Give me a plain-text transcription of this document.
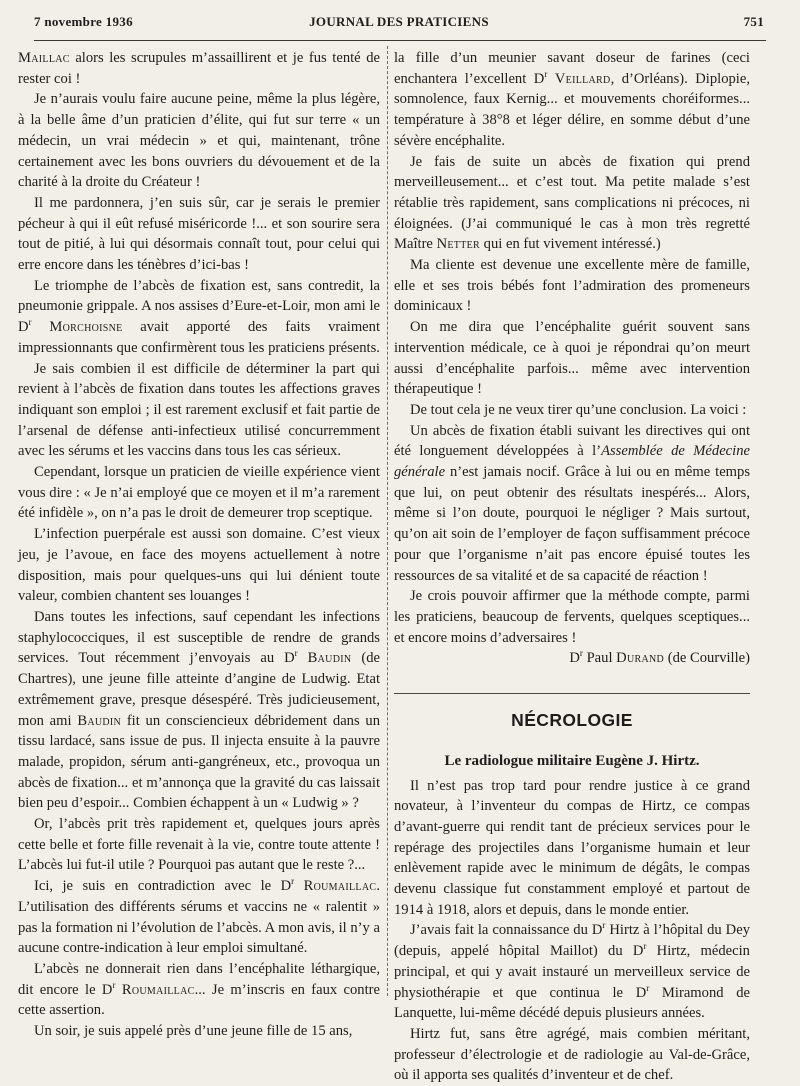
7 novembre 1936	JOURNAL DES PRATICIENS	751

Maillac alors les scrupules m’assaillirent et je fus tenté de rester coi !

Je n’aurais voulu faire aucune peine, même la plus légère, à la belle âme d’un praticien d’élite, qui fut sur terre « un médecin, un vrai médecin » et qui, maintenant, trône certainement avec les bons ouvriers du dévouement et de la charité à la droite du Créateur !

Il me pardonnera, j’en suis sûr, car je serais le premier pécheur à qui il eût refusé miséricorde !... et son sourire sera tout de pitié, à lui qui désormais connaît tout, pour celui qui erre encore dans les ténèbres d’ici-bas !

Le triomphe de l’abcès de fixation est, sans contredit, la pneumonie grippale. A nos assises d’Eure-et-Loir, mon ami le $D^r$ Morchoisne avait apporté des faits vraiment impressionnants que confirmèrent tous les praticiens présents.

Je sais combien il est difficile de déterminer la part qui revient à l’abcès de fixation dans toutes les affections graves indiquant son emploi ; il est rarement exclusif et fait partie de l’arsenal de défense anti-infectieux utilisé concurremment avec les sérums et les vaccins dans tous les cas sérieux.

Cependant, lorsque un praticien de vieille expérience vient vous dire : « Je n’ai employé que ce moyen et il m’a rarement été infidèle », on n’a pas le droit de demeurer trop sceptique.

L’infection puerpérale est aussi son domaine. C’est vieux jeu, je l’avoue, en face des moyens actuellement à notre disposition, mais pour quelques-uns qui lui dénient toute valeur, combien chantent ses louanges !

Dans toutes les infections, sauf cependant les infections staphylococciques, il est susceptible de rendre de grands services. Tout récemment j’envoyais au $D^r$ Baudin (de Chartres), une jeune fille atteinte d’angine de Ludwig. Etat extrêmement grave, presque désespéré. Très judicieusement, mon ami Baudin fit un consciencieux débridement dans un tissu lardacé, sans issue de pus. Il injecta ensuite à la pauvre malade, propidon, sérum anti-gangréneux, etc., provoqua un abcès de fixation... et m’annonça que la gravité du cas laissait bien peu d’espoir... Combien échappent à un « Ludwig » ?

Or, l’abcès prit très rapidement et, quelques jours après cette belle et forte fille revenait à la vie, contre toute attente ! L’abcès lui fut-il utile ? Pourquoi pas autant que le reste ?...

Ici, je suis en contradiction avec le $D^r$ Roumaillac. L’utilisation des différents sérums et vaccins ne « ralentit » pas la formation ni l’évolution de l’abcès. A mon avis, il n’y a aucune contre-indication à leur emploi simultané.

L’abcès ne donnerait rien dans l’encéphalite léthargique, dit encore le $D^r$ Roumaillac... Je m’inscris en faux contre cette assertion.

Un soir, je suis appelé près d’une jeune fille de 15 ans,

la fille d’un meunier savant doseur de farines (ceci enchantera l’excellent $D^r$ Veillard, d’Orléans). Diplopie, somnolence, faux Kernig... et mouvements choréiformes... température à 38°8 et léger délire, en somme début d’une sévère encéphalite.

Je fais de suite un abcès de fixation qui prend merveilleusement... et c’est tout. Ma petite malade s’est rétablie très rapidement, sans complications ni précoces, ni éloignées. (J’ai communiqué le cas à mon très regretté Maître Netter qui en fut vivement intéressé.)

Ma cliente est devenue une excellente mère de famille, elle et ses trois bébés font l’admiration des promeneurs dominicaux !

On me dira que l’encéphalite guérit souvent sans intervention médicale, ce à quoi je répondrai qu’on meurt aussi d’encéphalite parfois... même avec intervention thérapeutique !

De tout cela je ne veux tirer qu’une conclusion. La voici :

Un abcès de fixation établi suivant les directives qui ont été longuement développées à l’Assemblée de Médecine générale n’est jamais nocif. Grâce à lui ou en même temps que lui, on peut obtenir des résultats inespérés... Alors, même si l’on doute, pourquoi le négliger ? Mais surtout, qu’on ait soin de l’employer de façon suffisamment précoce pour que l’organisme n’ait pas encore épuisé toutes les ressources de sa vitalité et de sa capacité de réaction !

Je crois pouvoir affirmer que la méthode compte, parmi les praticiens, beaucoup de fervents, quelques sceptiques... et encore moins d’adversaires !

$D^r$ Paul Durand (de Courville)

NÉCROLOGIE
Le radiologue militaire Eugène J. Hirtz.

Il n’est pas trop tard pour rendre justice à ce grand novateur, à l’inventeur du compas de Hirtz, ce compas d’avant-guerre qui rendit tant de précieux services pour le repérage des projectiles dans l’organisme humain et leur enlèvement rapide avec le minimum de dégâts, le compas devenu classique fut constamment employé et partout de 1914 à 1918, alors et depuis, dans le monde entier.

J’avais fait la connaissance du $D^r$ Hirtz à l’hôpital du Dey (depuis, appelé hôpital Maillot) du $D^r$ Hirtz, médecin principal, et qui y avait instauré un merveilleux service de physiothérapie et que continua le $D^r$ Miramond de Lanquette, lui-même décédé depuis plusieurs années.

Hirtz fut, sans être agrégé, mais combien méritant, professeur d’électrologie et de radiologie au Val-de-Grâce, où il apporta ses qualités d’inventeur et de chef.
